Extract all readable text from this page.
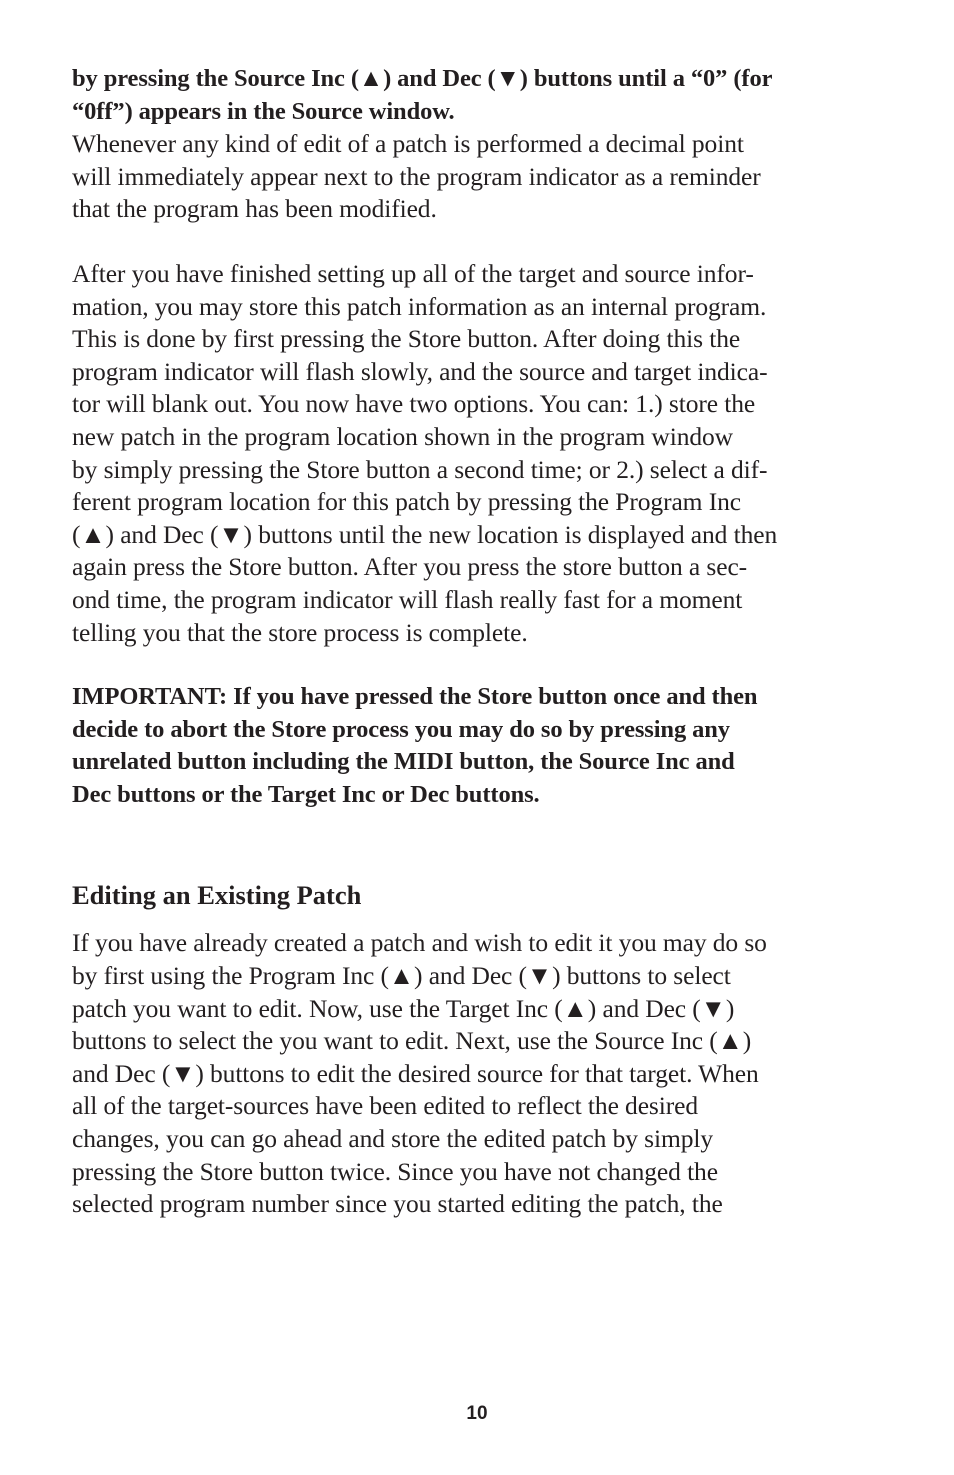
by pressing the Source Inc (▲) and Dec (▼) buttons until a “0” (for
“0ff”) appears in the Source window.
Whenever any kind of edit of a patch is performed a decimal point
will immediately appear next to the program indicator as a reminder
that the program has been modified.
After you have finished setting up all of the target and source infor-
mation, you may store this patch information as an internal program.
This is done by first pressing the Store button. After doing this the
program indicator will flash slowly, and the source and target indica-
tor will blank out. You now have two options. You can: 1.) store the
new patch in the program location shown in the program window
by simply pressing the Store button a second time; or 2.) select a dif-
ferent program location for this patch by pressing the Program Inc
(▲) and Dec (▼) buttons until the new location is displayed and then
again press the Store button. After you press the store button a sec-
ond time, the program indicator will flash really fast for a moment
telling you that the store process is complete.
IMPORTANT: If you have pressed the Store button once and then
decide to abort the Store process you may do so by pressing any
unrelated button including the MIDI button, the Source Inc and
Dec buttons or the Target Inc or Dec buttons.
Editing an Existing Patch
If you have already created a patch and wish to edit it you may do so
by first using the Program Inc (▲) and Dec (▼) buttons to select
patch you want to edit. Now, use the Target Inc (▲) and Dec (▼)
buttons to select the you want to edit. Next, use the Source Inc (▲)
and Dec (▼) buttons to edit the desired source for that target. When
all of the target-sources have been edited to reflect the desired
changes, you can go ahead and store the edited patch by simply
pressing the Store button twice. Since you have not changed the
selected program number since you started editing the patch, the
10
